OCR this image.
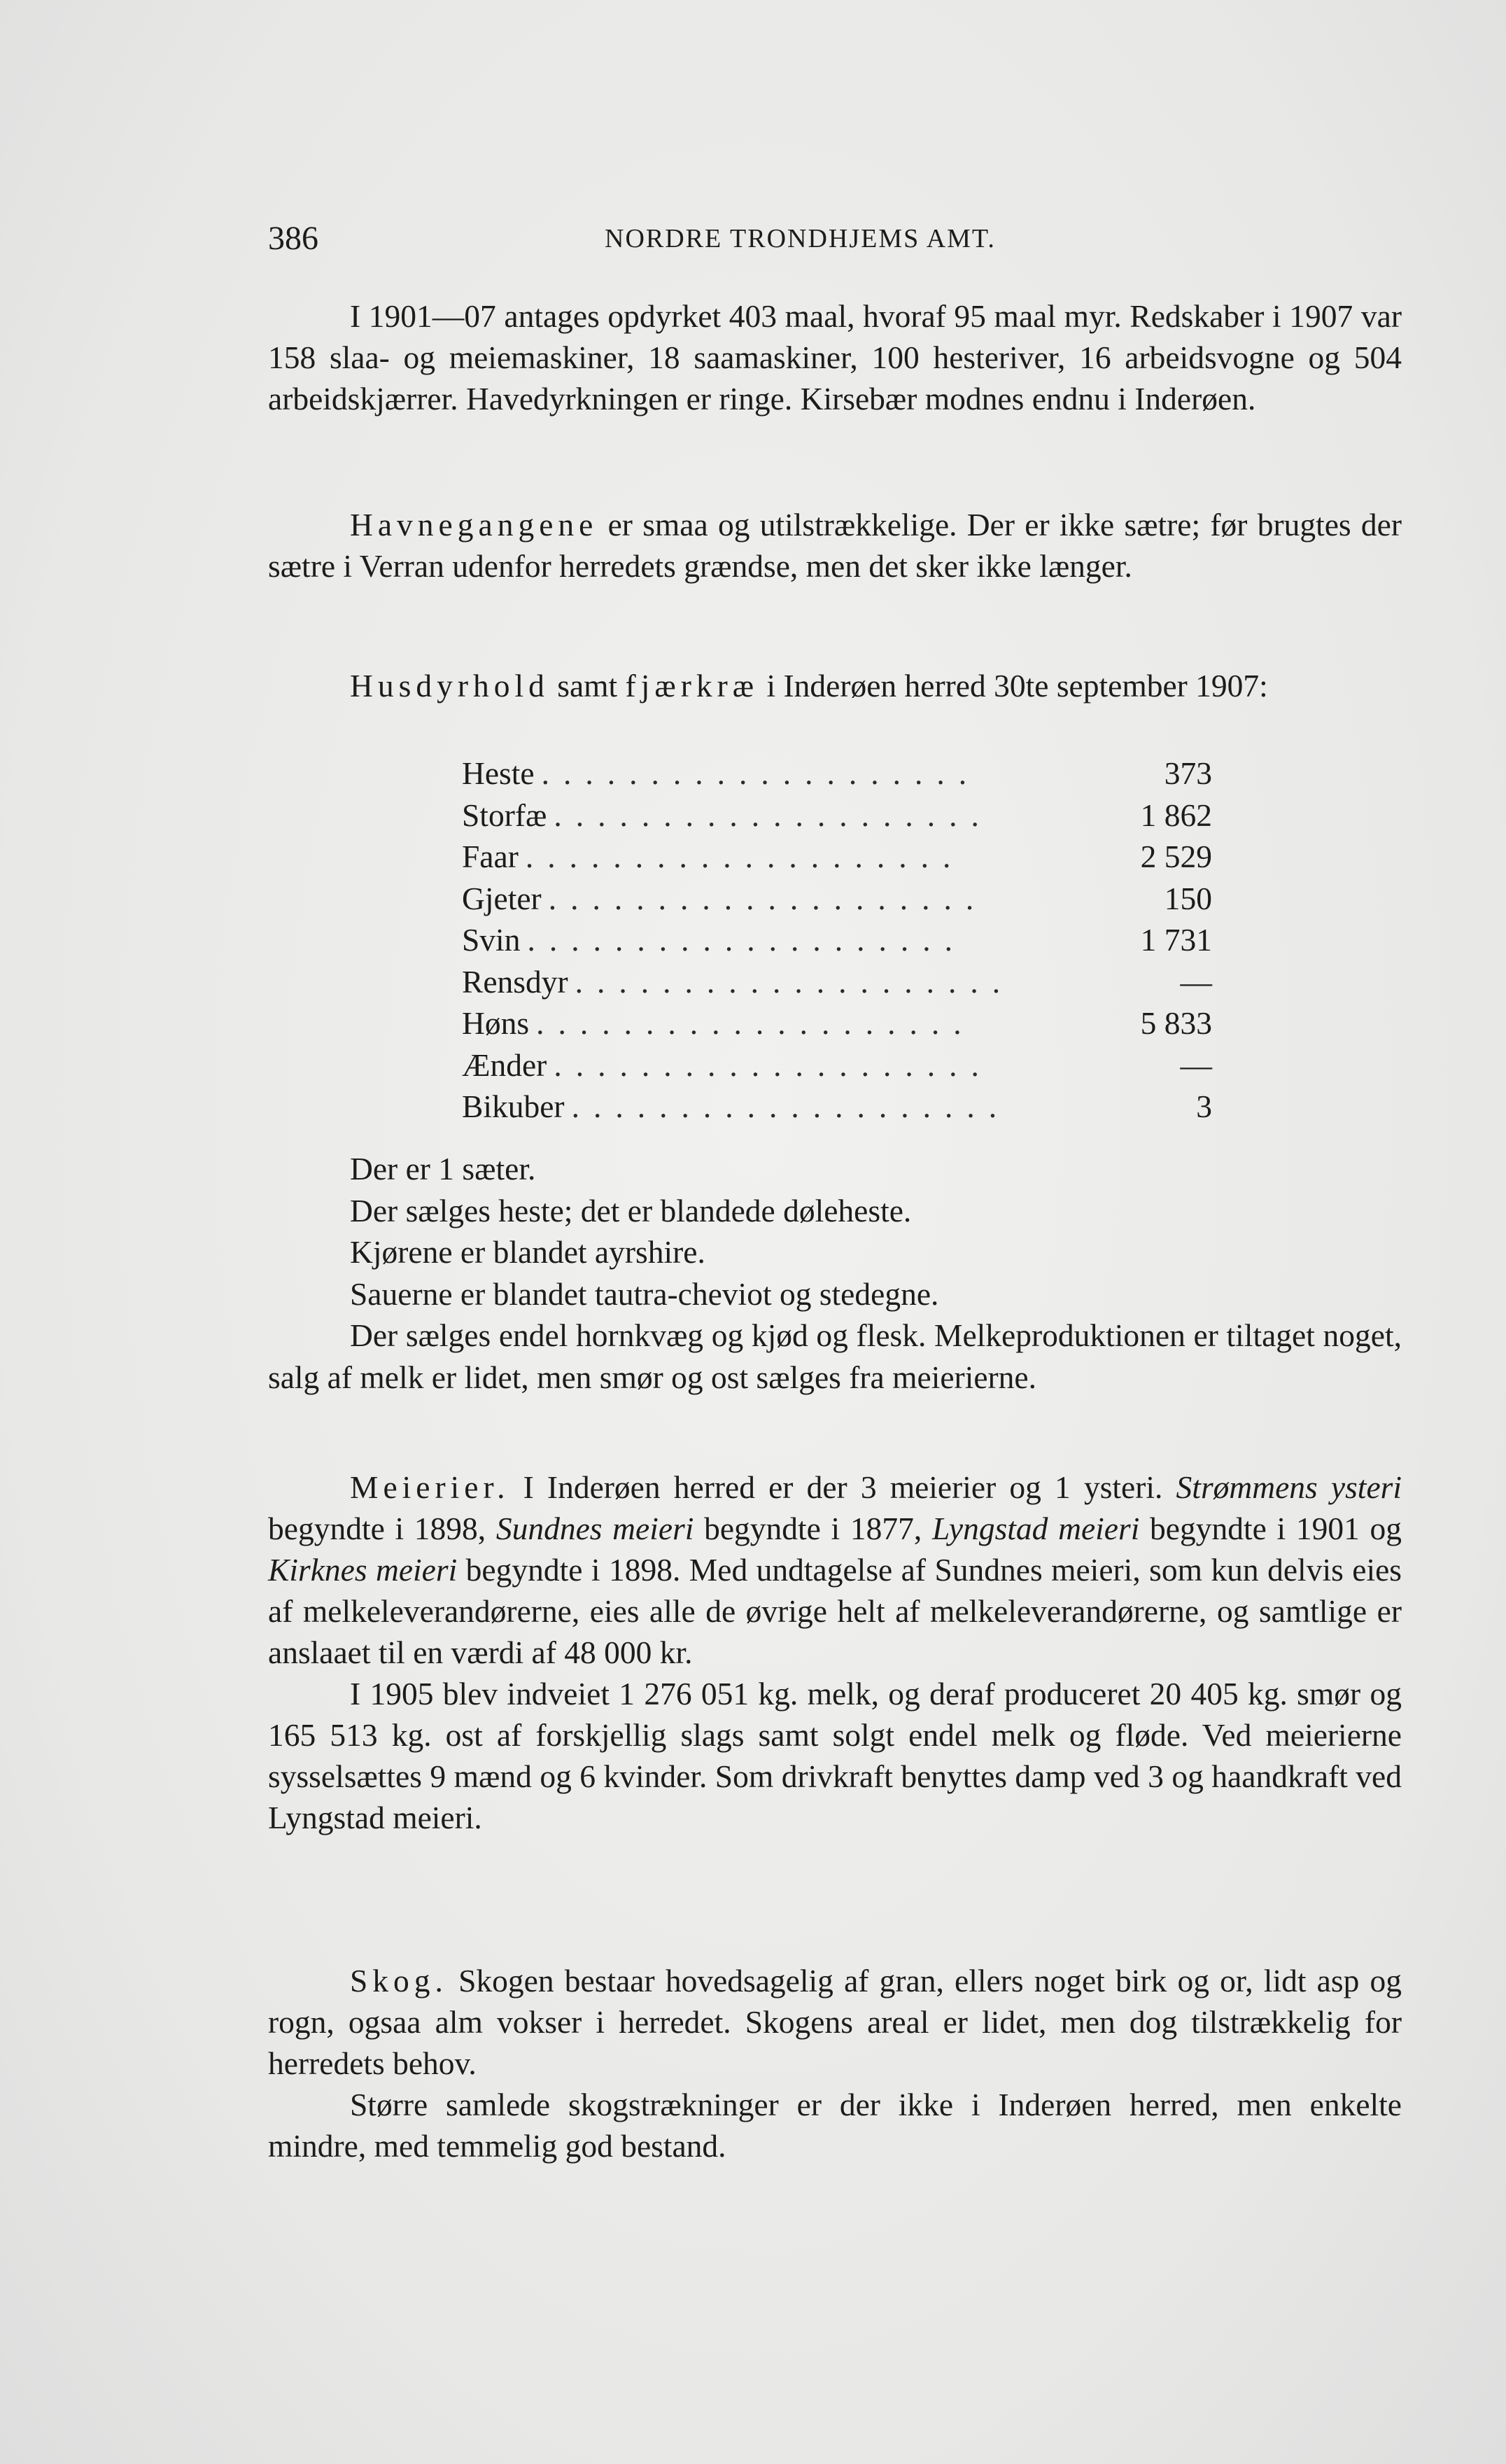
386	NORDRE TRONDHJEMS AMT.

I 1901—07 antages opdyrket 403 maal, hvoraf 95 maal myr. Redskaber i 1907 var 158 slaa- og meiemaskiner, 18 saamaskiner, 100 hesteriver, 16 arbeidsvogne og 504 arbeidskjærrer. Havedyrkningen er ringe. Kirsebær modnes endnu i Inderøen.

Havnegangene er smaa og utilstrækkelige. Der er ikke sætre; før brugtes der sætre i Verran udenfor herredets grændse, men det sker ikke længer.

Husdyrhold samt fjærkræ i Inderøen herred 30te september 1907:

Heste ....................	373
Storfæ ....................	1 862
Faar ....................	2 529
Gjeter ....................	150
Svin ....................	1 731
Rensdyr ....................	—
Høns ....................	5 833
Ænder ....................	—
Bikuber ....................	3

Der er 1 sæter.

Der sælges heste; det er blandede døleheste.

Kjørene er blandet ayrshire.

Sauerne er blandet tautra-cheviot og stedegne.

Der sælges endel hornkvæg og kjød og flesk. Melkeproduktionen er tiltaget noget, salg af melk er lidet, men smør og ost sælges fra meierierne.

Meierier. I Inderøen herred er der 3 meierier og 1 ysteri. Strømmens ysteri begyndte i 1898, Sundnes meieri begyndte i 1877, Lyngstad meieri begyndte i 1901 og Kirknes meieri begyndte i 1898. Med undtagelse af Sundnes meieri, som kun delvis eies af melkeleverandørerne, eies alle de øvrige helt af melkeleverandørerne, og samtlige er anslaaet til en værdi af 48 000 kr.

I 1905 blev indveiet 1 276 051 kg. melk, og deraf produceret 20 405 kg. smør og 165 513 kg. ost af forskjellig slags samt solgt endel melk og fløde. Ved meierierne sysselsættes 9 mænd og 6 kvinder. Som drivkraft benyttes damp ved 3 og haandkraft ved Lyngstad meieri.

Skog. Skogen bestaar hovedsagelig af gran, ellers noget birk og or, lidt asp og rogn, ogsaa alm vokser i herredet. Skogens areal er lidet, men dog tilstrækkelig for herredets behov.

Større samlede skogstrækninger er der ikke i Inderøen herred, men enkelte mindre, med temmelig god bestand.
